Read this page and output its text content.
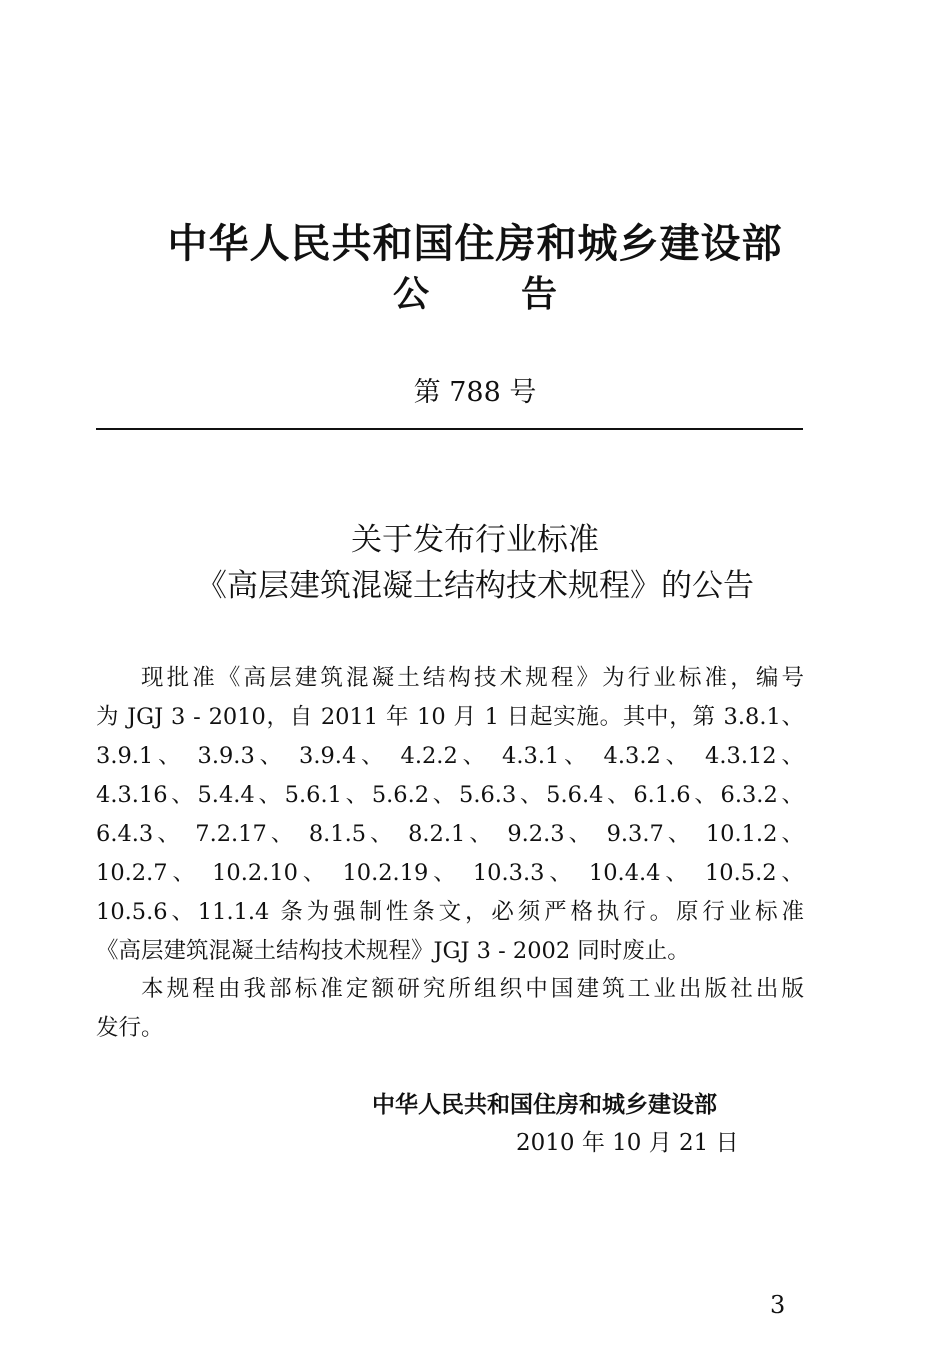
中华人民共和国住房和城乡建设部
公	告

第 788 号

关于发布行业标准
《高层建筑混凝土结构技术规程》的公告

现批准《高层建筑混凝土结构技术规程》为行业标准，编号

为 JGJ 3 - 2010，自 2011 年 10 月 1 日起实施。其中，第 3.8.1、

3.9.1、 3.9.3、 3.9.4、 4.2.2、 4.3.1、 4.3.2、 4.3.12、

4.3.16、5.4.4、5.6.1、5.6.2、5.6.3、5.6.4、6.1.6、6.3.2、

6.4.3、 7.2.17、 8.1.5、 8.2.1、 9.2.3、 9.3.7、 10.1.2、

10.2.7、 10.2.10、 10.2.19、 10.3.3、 10.4.4、 10.5.2、

10.5.6、11.1.4 条为强制性条文，必须严格执行。原行业标准

《高层建筑混凝土结构技术规程》JGJ 3 - 2002 同时废止。

本规程由我部标准定额研究所组织中国建筑工业出版社出版

发行。

中华人民共和国住房和城乡建设部

2010 年 10 月 21 日

3
